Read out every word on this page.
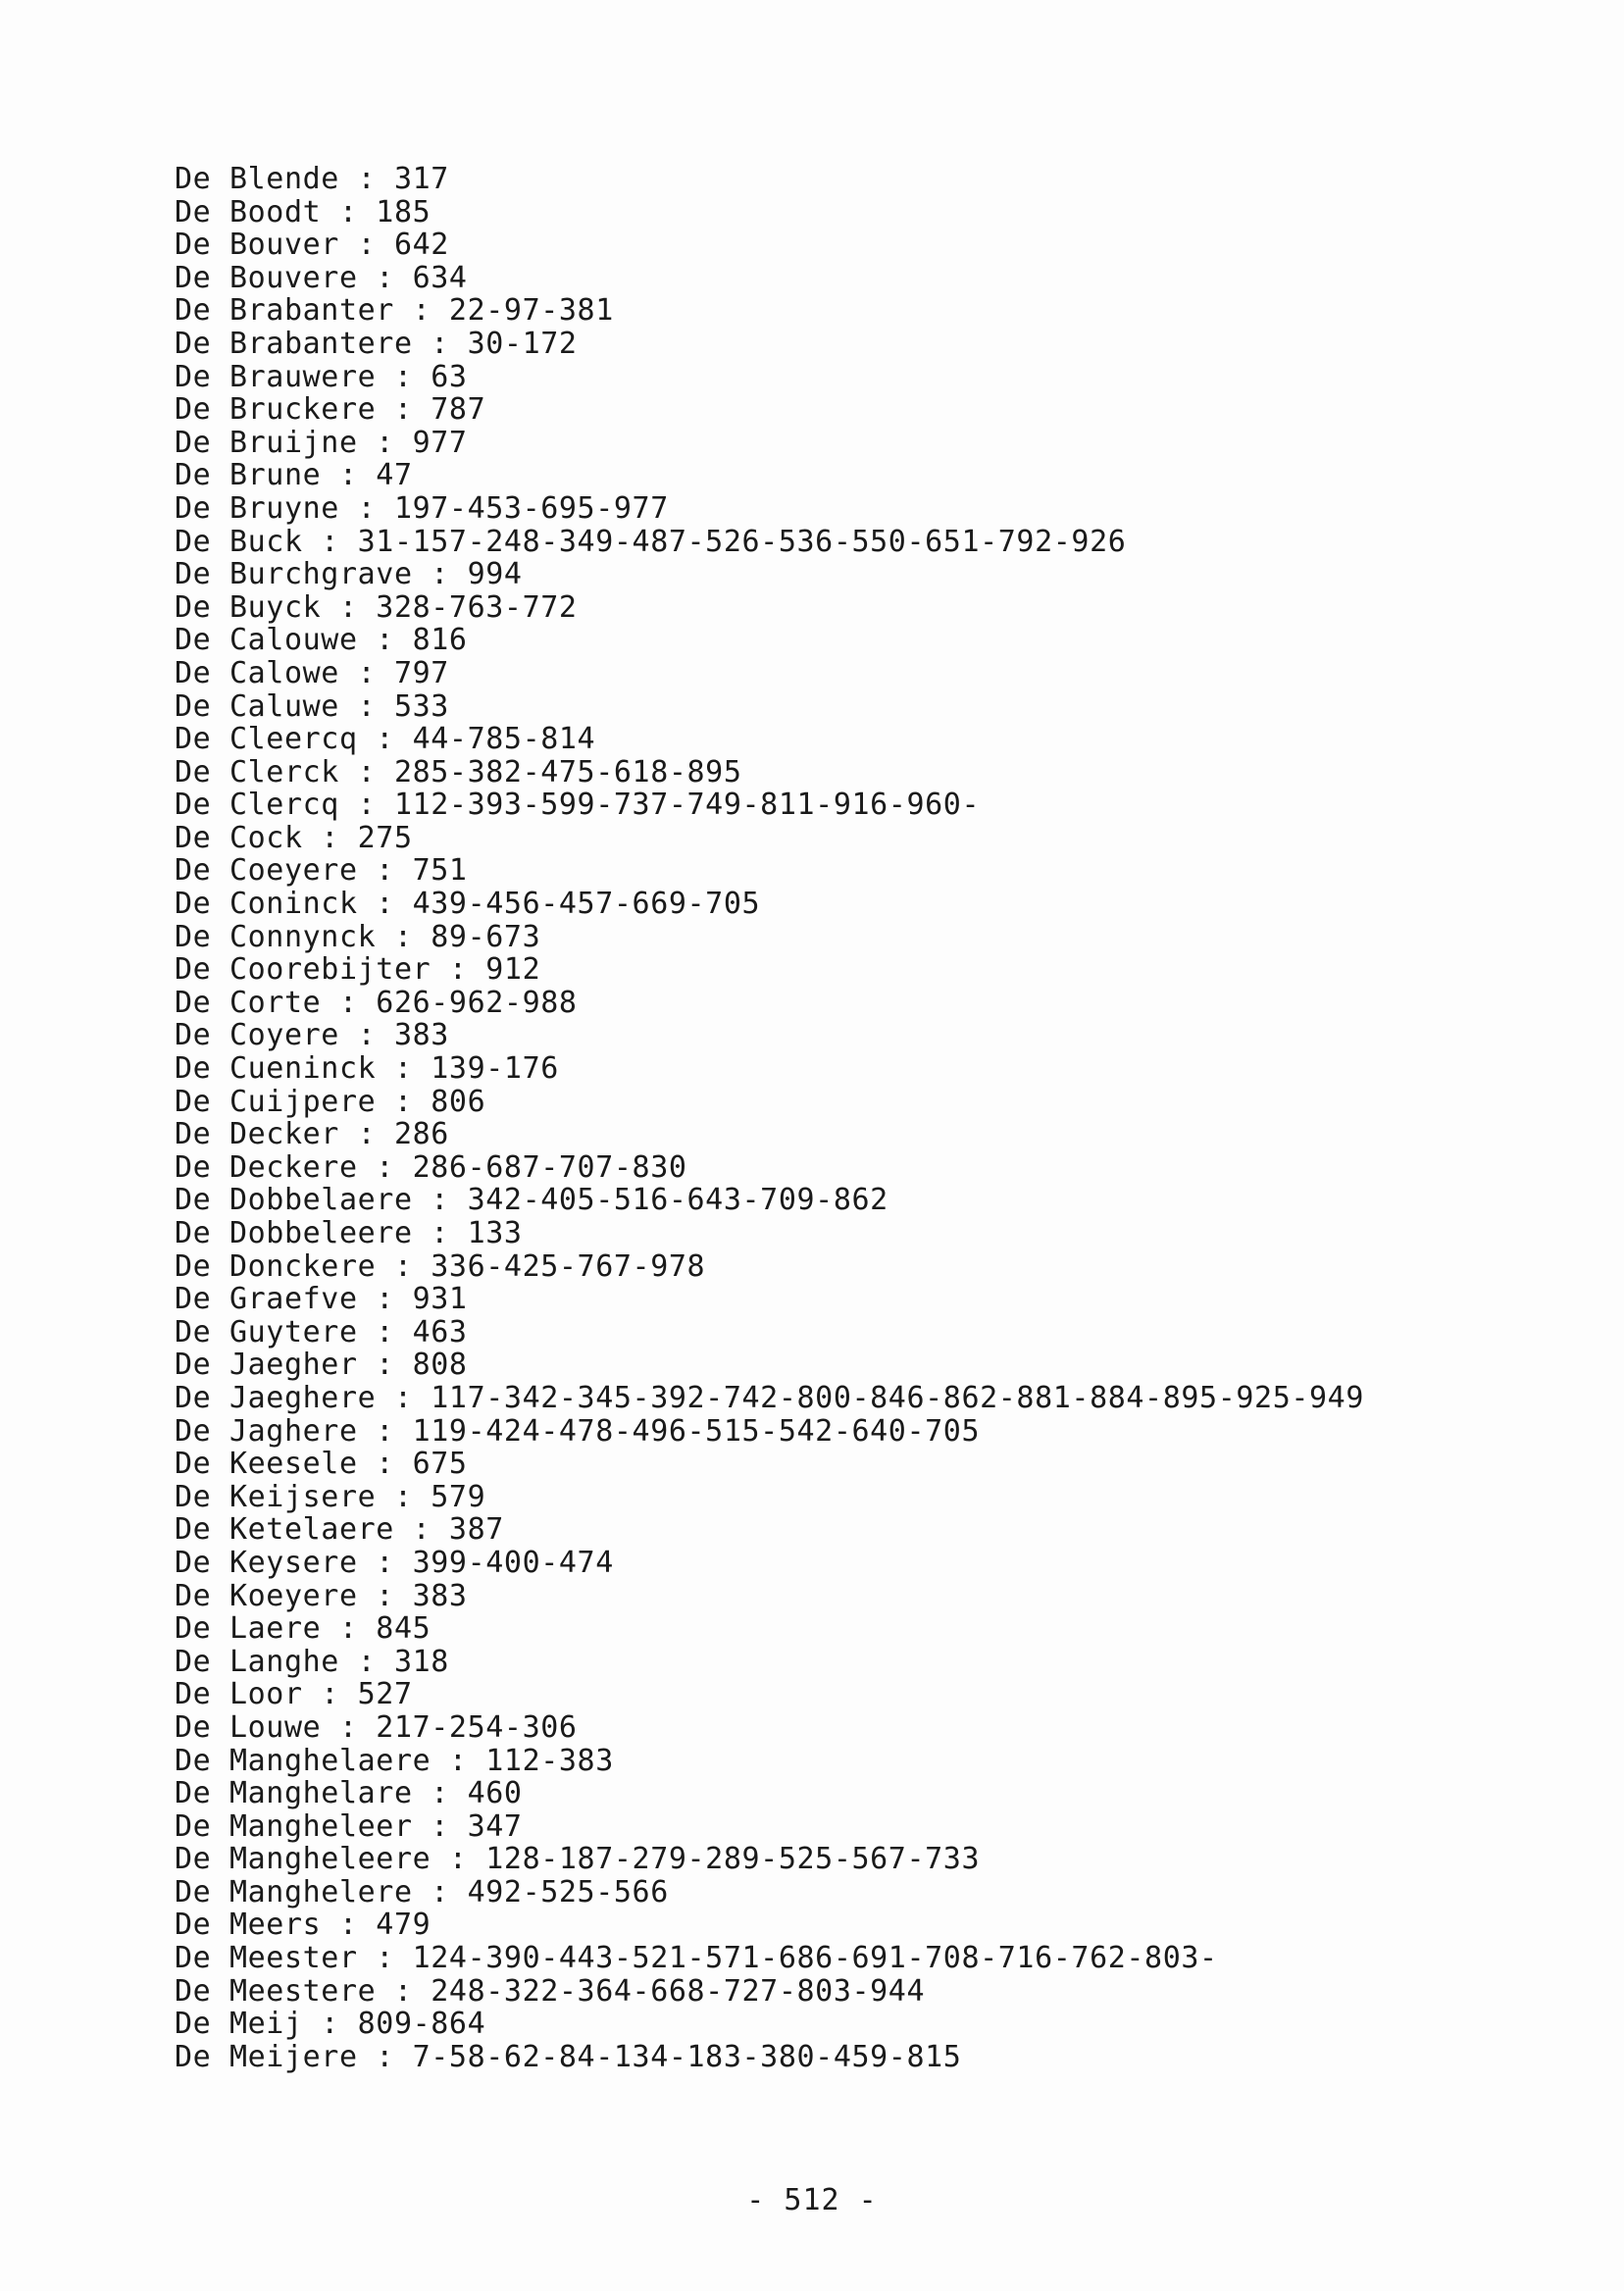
De Blende : 317
De Boodt : 185
De Bouver : 642
De Bouvere : 634
De Brabanter : 22-97-381
De Brabantere : 30-172
De Brauwere : 63
De Bruckere : 787
De Bruijne : 977
De Brune : 47
De Bruyne : 197-453-695-977
De Buck : 31-157-248-349-487-526-536-550-651-792-926
De Burchgrave : 994
De Buyck : 328-763-772
De Calouwe : 816
De Calowe : 797
De Caluwe : 533
De Cleercq : 44-785-814
De Clerck : 285-382-475-618-895
De Clercq : 112-393-599-737-749-811-916-960-
De Cock : 275
De Coeyere : 751
De Coninck : 439-456-457-669-705
De Connynck : 89-673
De Coorebijter : 912
De Corte : 626-962-988
De Coyere : 383
De Cueninck : 139-176
De Cuijpere : 806
De Decker : 286
De Deckere : 286-687-707-830
De Dobbelaere : 342-405-516-643-709-862
De Dobbeleere : 133
De Donckere : 336-425-767-978
De Graefve : 931
De Guytere : 463
De Jaegher : 808
De Jaeghere : 117-342-345-392-742-800-846-862-881-884-895-925-949
De Jaghere : 119-424-478-496-515-542-640-705
De Keesele : 675
De Keijsere : 579
De Ketelaere : 387
De Keysere : 399-400-474
De Koeyere : 383
De Laere : 845
De Langhe : 318
De Loor : 527
De Louwe : 217-254-306
De Manghelaere : 112-383
De Manghelare : 460
De Mangheleer : 347
De Mangheleere : 128-187-279-289-525-567-733
De Manghelere : 492-525-566
De Meers : 479
De Meester : 124-390-443-521-571-686-691-708-716-762-803-
De Meestere : 248-322-364-668-727-803-944
De Meij : 809-864
De Meijere : 7-58-62-84-134-183-380-459-815
- 512 -
